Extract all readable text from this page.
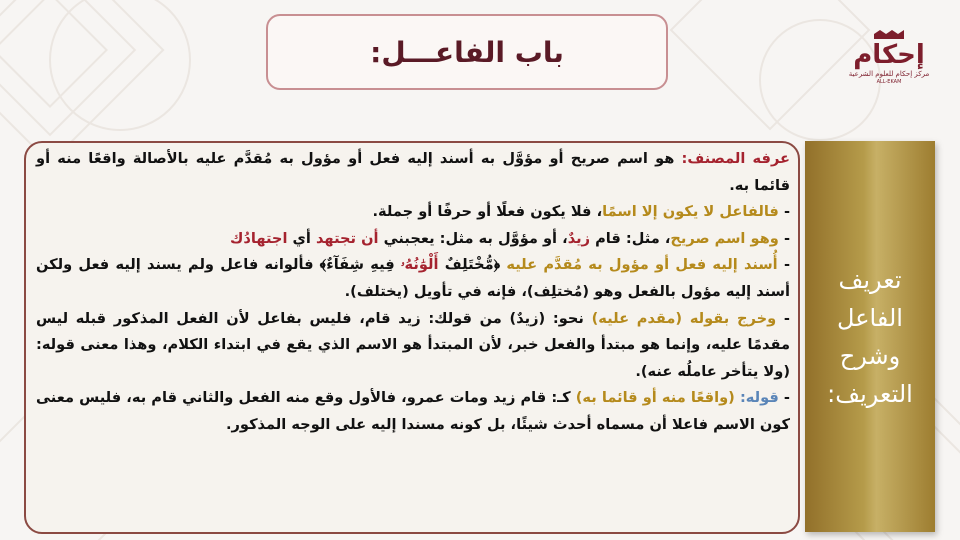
باب الفاعـــل:	إحكام
مركز إحكام للعلوم الشرعية
ALL-EKAM

عرفه المصنف: هو اسم صريح أو مؤوَّل به أسند إليه فعل أو مؤول به مُقدَّم عليه بالأصالة واقعًا منه أو قائما به.

- فالفاعل لا يكون إلا اسمًا، فلا يكون فعلًا أو حرفًا أو جملة.

- وهو اسم صريح، مثل: قام زيدٌ، أو مؤوَّل به مثل: يعجبني أن تجتهد أي اجتهادُك

- أُسند إليه فعل أو مؤول به مُقدَّم عليه ﴿مُّخْتَلِفٌ أَلْوَٰنُهُۥ فِيهِ شِفَآءٌ﴾ فألوانه فاعل ولم يسند إليه فعل ولكن أسند إليه مؤول بالفعل وهو (مُختلِف)، فإنه في تأويل (يختلف).

- وخرج بقوله (مقدم عليه) نحو: (زيدٌ) من قولك: زيد قام، فليس بفاعل لأن الفعل المذكور قبله ليس مقدمًا عليه، وإنما هو مبتدأ والفعل خبر، لأن المبتدأ هو الاسم الذي يقع في ابتداء الكلام، وهذا معنى قوله: (ولا يتأخر عاملُه عنه).

- قوله: (واقعًا منه أو قائما به) كـ: قام زيد ومات عمرو، فالأول وقع منه الفعل والثاني قام به، فليس معنى كون الاسم فاعلا أن مسماه أحدث شيئًا، بل كونه مسندا إليه على الوجه المذكور.

تعريف
الفاعل
وشرح
التعريف:
